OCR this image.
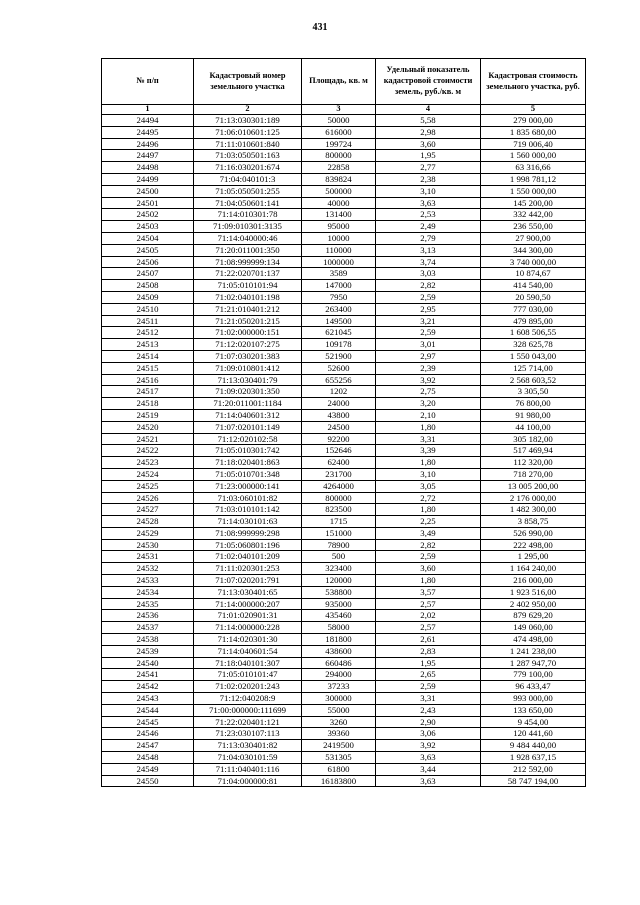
431
№ п/п	Кадастровый номер земельного участка	Площадь, кв. м	Удельный показатель кадастровой стоимости земель, руб./кв. м	Кадастровая стоимость земельного участка, руб.
1	2	3	4	5
24494	71:13:030301:189	50000	5,58	279 000,00
24495	71:06:010601:125	616000	2,98	1 835 680,00
24496	71:11:010601:840	199724	3,60	719 006,40
24497	71:03:050501:163	800000	1,95	1 560 000,00
24498	71:16:030201:674	22858	2,77	63 316,66
24499	71:04:040101:3	839824	2,38	1 998 781,12
24500	71:05:050501:255	500000	3,10	1 550 000,00
24501	71:04:050601:141	40000	3,63	145 200,00
24502	71:14:010301:78	131400	2,53	332 442,00
24503	71:09:010301:3135	95000	2,49	236 550,00
24504	71:14:040000:46	10000	2,79	27 900,00
24505	71:20:011001:350	110000	3,13	344 300,00
24506	71:08:999999:134	1000000	3,74	3 740 000,00
24507	71:22:020701:137	3589	3,03	10 874,67
24508	71:05:010101:94	147000	2,82	414 540,00
24509	71:02:040101:198	7950	2,59	20 590,50
24510	71:21:010401:212	263400	2,95	777 030,00
24511	71:21:050201:215	149500	3,21	479 895,00
24512	71:02:000000:151	621045	2,59	1 608 506,55
24513	71:12:020107:275	109178	3,01	328 625,78
24514	71:07:030201:383	521900	2,97	1 550 043,00
24515	71:09:010801:412	52600	2,39	125 714,00
24516	71:13:030401:79	655256	3,92	2 568 603,52
24517	71:09:020301:350	1202	2,75	3 305,50
24518	71:20:011001:1184	24000	3,20	76 800,00
24519	71:14:040601:312	43800	2,10	91 980,00
24520	71:07:020101:149	24500	1,80	44 100,00
24521	71:12:020102:58	92200	3,31	305 182,00
24522	71:05:010301:742	152646	3,39	517 469,94
24523	71:18:020401:863	62400	1,80	112 320,00
24524	71:05:010701:348	231700	3,10	718 270,00
24525	71:23:000000:141	4264000	3,05	13 005 200,00
24526	71:03:060101:82	800000	2,72	2 176 000,00
24527	71:03:010101:142	823500	1,80	1 482 300,00
24528	71:14:030101:63	1715	2,25	3 858,75
24529	71:08:999999:298	151000	3,49	526 990,00
24530	71:05:060801:196	78900	2,82	222 498,00
24531	71:02:040101:209	500	2,59	1 295,00
24532	71:11:020301:253	323400	3,60	1 164 240,00
24533	71:07:020201:791	120000	1,80	216 000,00
24534	71:13:030401:65	538800	3,57	1 923 516,00
24535	71:14:000000:207	935000	2,57	2 402 950,00
24536	71:01:020901:31	435460	2,02	879 629,20
24537	71:14:000000:228	58000	2,57	149 060,00
24538	71:14:020301:30	181800	2,61	474 498,00
24539	71:14:040601:54	438600	2,83	1 241 238,00
24540	71:18:040101:307	660486	1,95	1 287 947,70
24541	71:05:010101:47	294000	2,65	779 100,00
24542	71:02:020201:243	37233	2,59	96 433,47
24543	71:12:040208:9	300000	3,31	993 000,00
24544	71:00:000000:111699	55000	2,43	133 650,00
24545	71:22:020401:121	3260	2,90	9 454,00
24546	71:23:030107:113	39360	3,06	120 441,60
24547	71:13:030401:82	2419500	3,92	9 484 440,00
24548	71:04:030101:59	531305	3,63	1 928 637,15
24549	71:11:040401:116	61800	3,44	212 592,00
24550	71:04:000000:81	16183800	3,63	58 747 194,00
